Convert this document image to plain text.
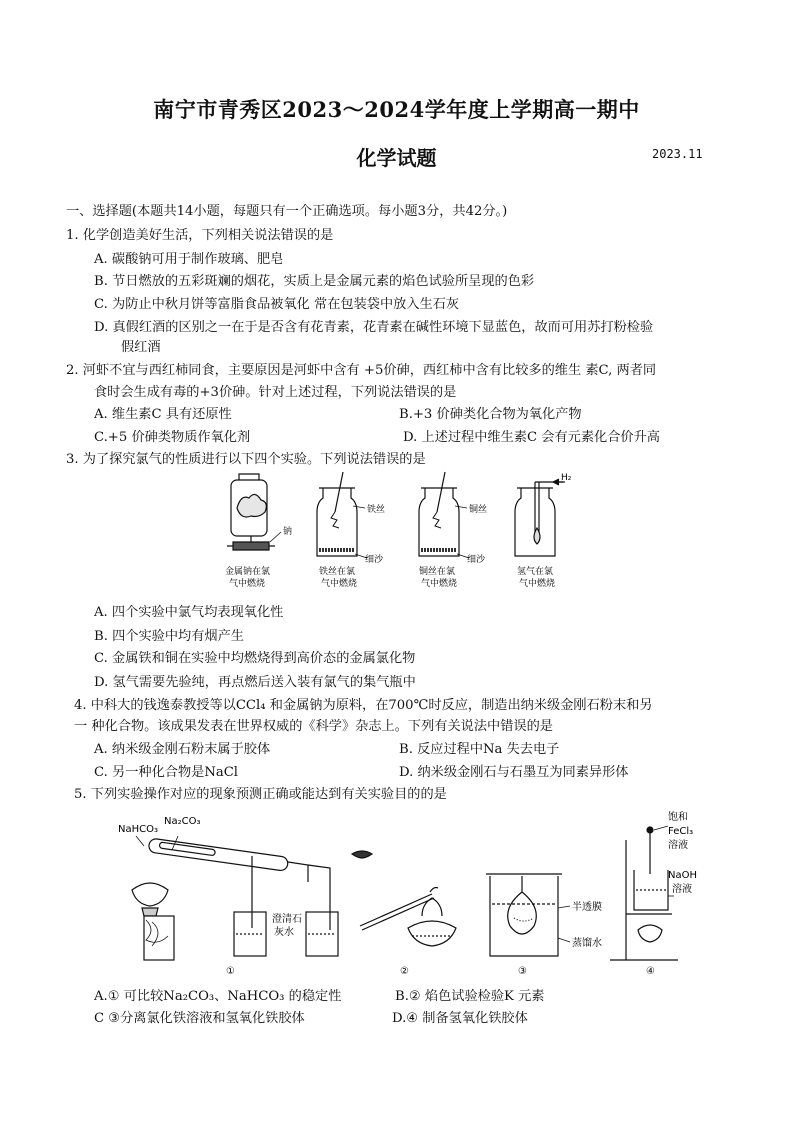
南宁市青秀区2023～2024学年度上学期高一期中
化学试题	2023.11
一、选择题(本题共14小题，每题只有一个正确选项。每小题3分，共42分。)
1. 化学创造美好生活，下列相关说法错误的是
A. 碳酸钠可用于制作玻璃、肥皂
B. 节日燃放的五彩斑斓的烟花，实质上是金属元素的焰色试验所呈现的色彩
C. 为防止中秋月饼等富脂食品被氧化 常在包装袋中放入生石灰
D. 真假红酒的区别之一在于是否含有花青素，花青素在碱性环境下显蓝色，故而可用苏打粉检验
假红酒
2. 河虾不宜与西红柿同食，主要原因是河虾中含有 +5价砷，西红柿中含有比较多的维生 素C, 两者同
食时会生成有毒的+3价砷。针对上述过程，下列说法错误的是
A. 维生素C 具有还原性	B.+3 价砷类化合物为氧化产物
C.+5 价砷类物质作氧化剂	D. 上述过程中维生素C 会有元素化合价升高
3. 为了探究氯气的性质进行以下四个实验。下列说法错误的是
钠
铁丝
细沙
铜丝
细沙
H₂
金属钠在氯
气中燃烧
铁丝在氯
气中燃烧
铜丝在氯
气中燃烧
氢气在氯
气中燃烧
A. 四个实验中氯气均表现氧化性
B. 四个实验中均有烟产生
C. 金属铁和铜在实验中均燃烧得到高价态的金属氯化物
D. 氢气需要先验纯，再点燃后送入装有氯气的集气瓶中
4. 中科大的钱逸泰教授等以CCl₄ 和金属钠为原料，在700℃时反应，制造出纳米级金刚石粉末和另
一 种化合物。该成果发表在世界权威的《科学》杂志上。下列有关说法中错误的是
A. 纳米级金刚石粉末属于胶体	B. 反应过程中Na 失去电子
C. 另一种化合物是NaCl	D. 纳米级金刚石与石墨互为同素异形体
5. 下列实验操作对应的现象预测正确或能达到有关实验目的的是
NaHCO₃
Na₂CO₃
澄清石
灰水
①	②
半透膜
蒸馏水
③
饱和
FeCl₃
溶液
NaOH
溶液
④
A.① 可比较Na₂CO₃、NaHCO₃ 的稳定性	B.② 焰色试验检验K 元素
C ③分离氯化铁溶液和氢氧化铁胶体	D.④ 制备氢氧化铁胶体
